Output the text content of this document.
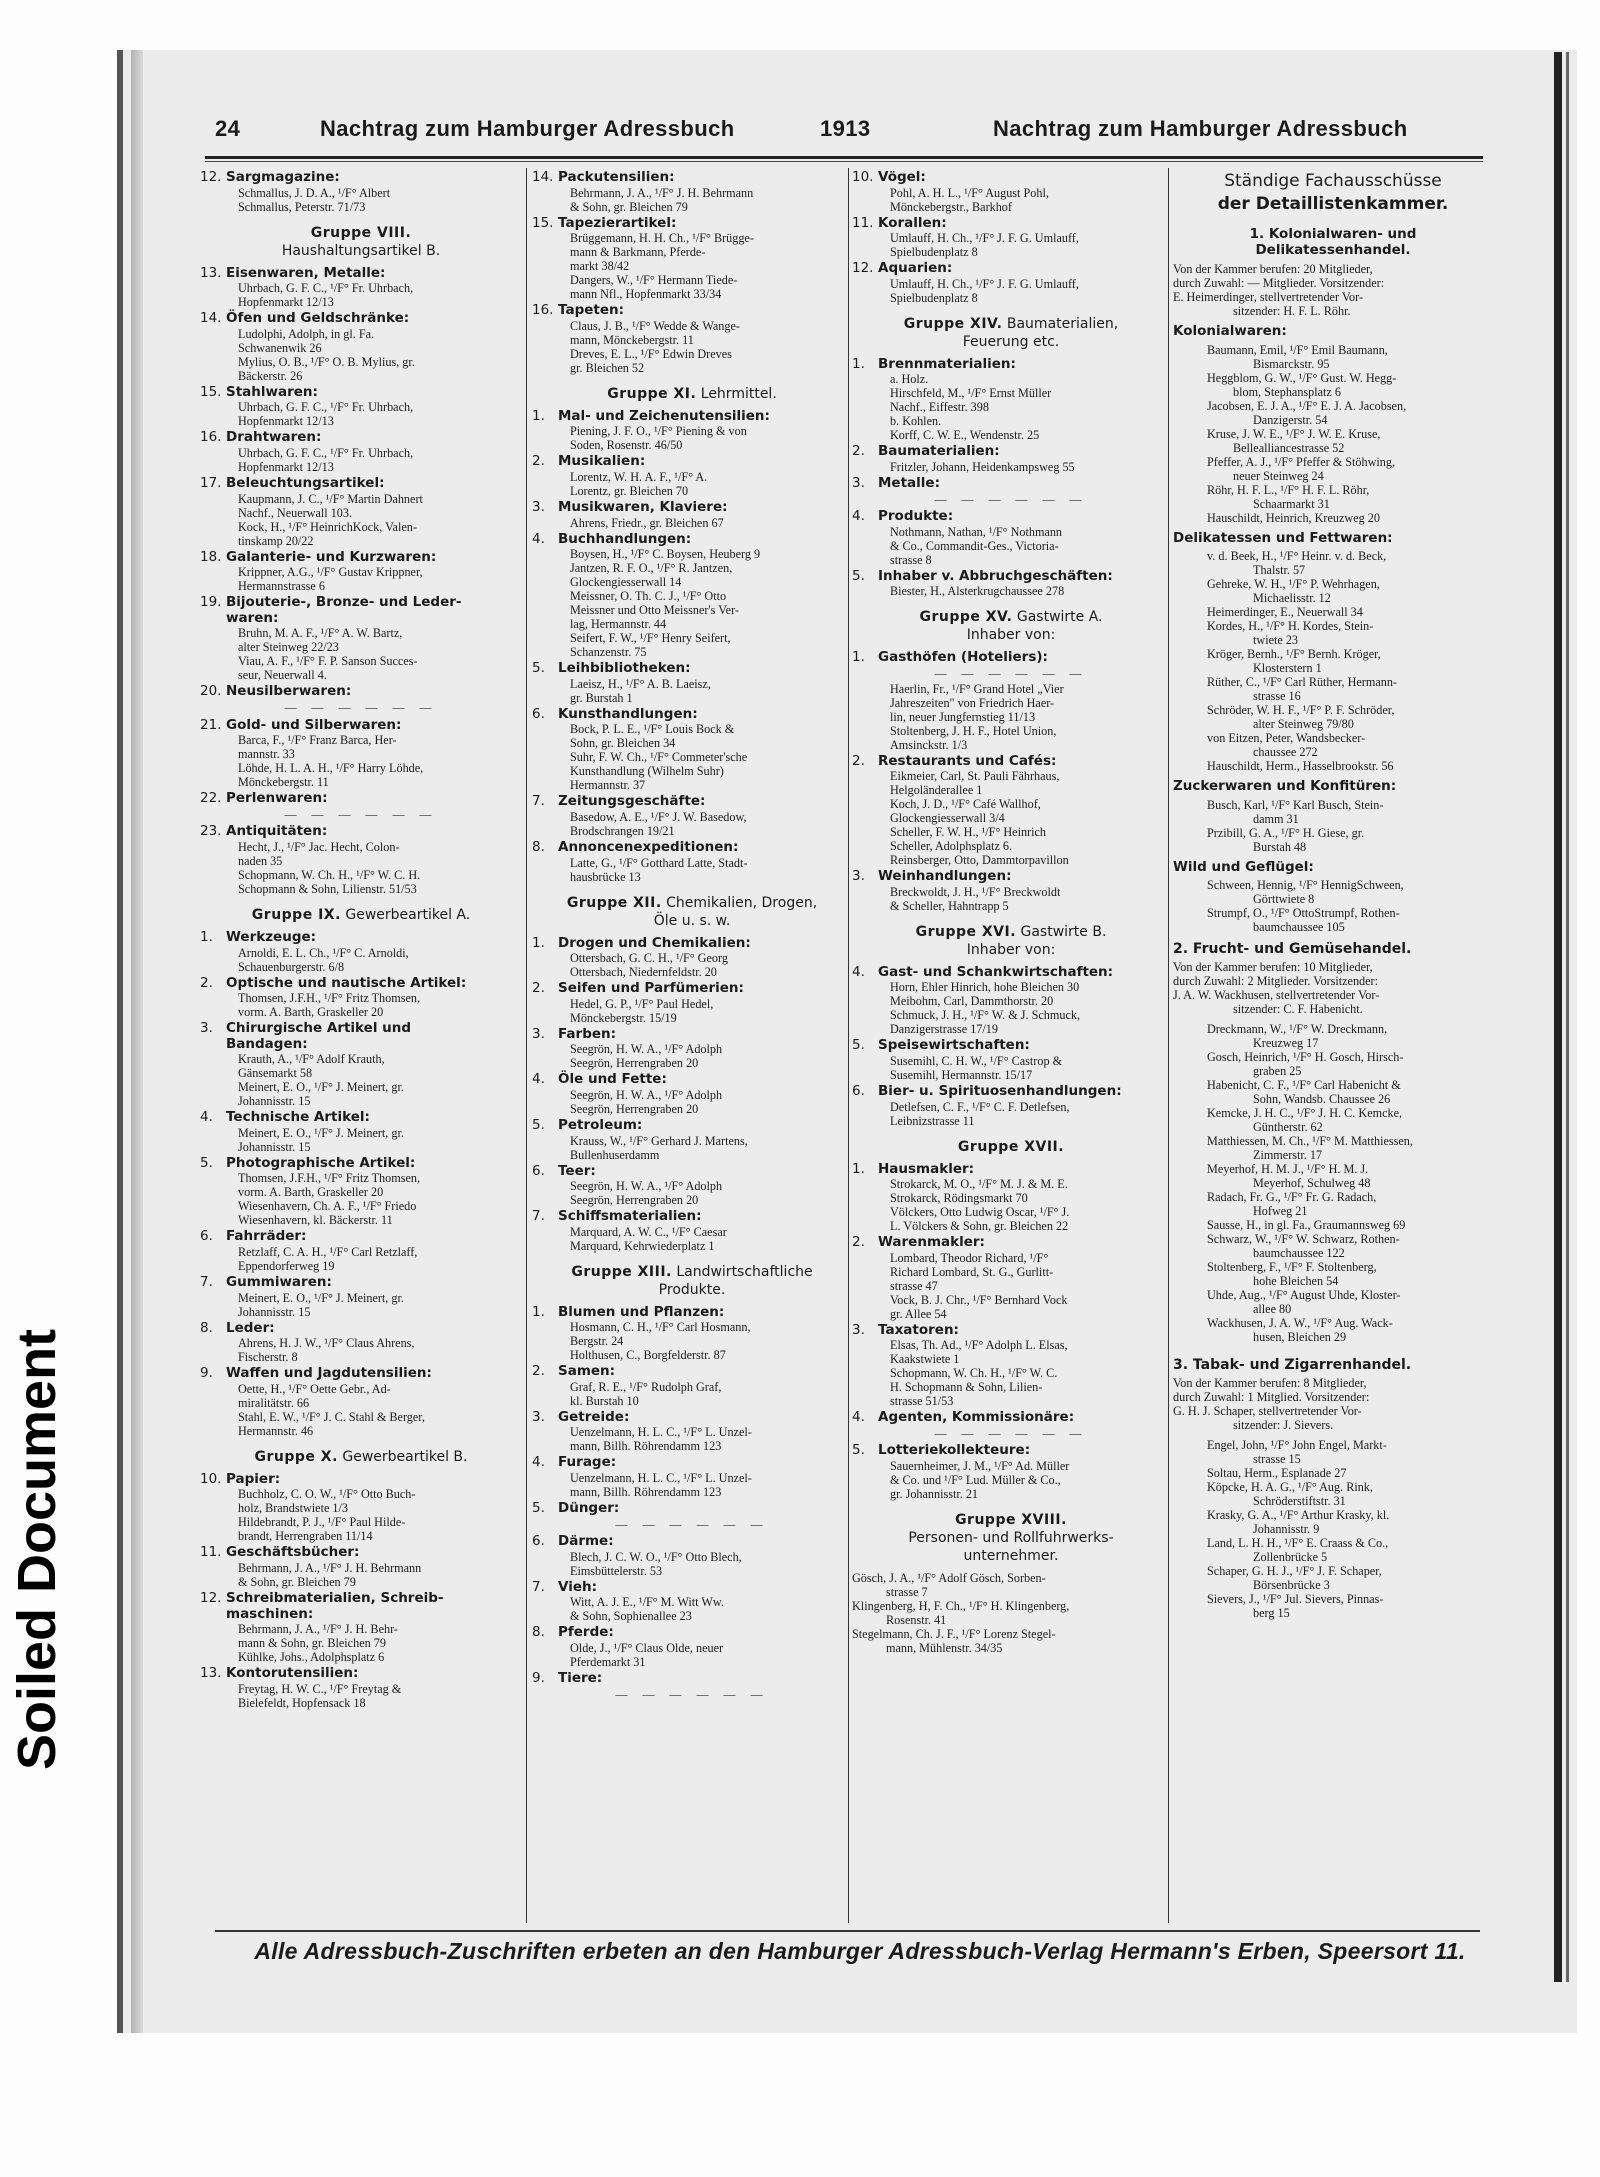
24	Nachtrag zum Hamburger Adressbuch	1913	Nachtrag zum Hamburger Adressbuch
12. Sargmagazine:
Schmallus, J. D. A., ¹/F° Albert
Schmallus, Peterstr. 71/73
Gruppe VIII.
Haushaltungsartikel B.
13. Eisenwaren, Metalle:
Uhrbach, G. F. C., ¹/F° Fr. Uhrbach,
Hopfenmarkt 12/13
14. Öfen und Geldschränke:
Ludolphi, Adolph, in gl. Fa.
Schwanenwik 26
Mylius, O. B., ¹/F° O. B. Mylius, gr.
Bäckerstr. 26
15. Stahlwaren:
Uhrbach, G. F. C., ¹/F° Fr. Uhrbach,
Hopfenmarkt 12/13
16. Drahtwaren:
Uhrbach, G. F. C., ¹/F° Fr. Uhrbach,
Hopfenmarkt 12/13
17. Beleuchtungsartikel:
Kaupmann, J. C., ¹/F° Martin Dahnert
Nachf., Neuerwall 103.
Kock, H., ¹/F° HeinrichKock, Valen-
tinskamp 20/22
18. Galanterie- und Kurzwaren:
Krippner, A.G., ¹/F° Gustav Krippner,
Hermannstrasse 6
19. Bijouterie-, Bronze- und Leder-
waren:
Bruhn, M. A. F., ¹/F° A. W. Bartz,
alter Steinweg 22/23
Viau, A. F., ¹/F° F. P. Sanson Succes-
seur, Neuerwall 4.
20. Neusilberwaren:
— — — — — —
21. Gold- und Silberwaren:
Barca, F., ¹/F° Franz Barca, Her-
mannstr. 33
Löhde, H. L. A. H., ¹/F° Harry Löhde,
Mönckebergstr. 11
22. Perlenwaren:
— — — — — —
23. Antiquitäten:
Hecht, J., ¹/F° Jac. Hecht, Colon-
naden 35
Schopmann, W. Ch. H., ¹/F° W. C. H.
Schopmann & Sohn, Lilienstr. 51/53
Gruppe IX. Gewerbeartikel A.
1. Werkzeuge:
Arnoldi, E. L. Ch., ¹/F° C. Arnoldi,
Schauenburgerstr. 6/8
2. Optische und nautische Artikel:
Thomsen, J.F.H., ¹/F° Fritz Thomsen,
vorm. A. Barth, Graskeller 20
3. Chirurgische Artikel und
Bandagen:
Krauth, A., ¹/F° Adolf Krauth,
Gänsemarkt 58
Meinert, E. O., ¹/F° J. Meinert, gr.
Johannisstr. 15
4. Technische Artikel:
Meinert, E. O., ¹/F° J. Meinert, gr.
Johannisstr. 15
5. Photographische Artikel:
Thomsen, J.F.H., ¹/F° Fritz Thomsen,
vorm. A. Barth, Graskeller 20
Wiesenhavern, Ch. A. F., ¹/F° Friedo
Wiesenhavern, kl. Bäckerstr. 11
6. Fahrräder:
Retzlaff, C. A. H., ¹/F° Carl Retzlaff,
Eppendorferweg 19
7. Gummiwaren:
Meinert, E. O., ¹/F° J. Meinert, gr.
Johannisstr. 15
8. Leder:
Ahrens, H. J. W., ¹/F° Claus Ahrens,
Fischerstr. 8
9. Waffen und Jagdutensilien:
Oette, H., ¹/F° Oette Gebr., Ad-
miralitätstr. 66
Stahl, E. W., ¹/F° J. C. Stahl & Berger,
Hermannstr. 46
Gruppe X. Gewerbeartikel B.
10. Papier:
Buchholz, C. O. W., ¹/F° Otto Buch-
holz, Brandstwiete 1/3
Hildebrandt, P. J., ¹/F° Paul Hilde-
brandt, Herrengraben 11/14
11. Geschäftsbücher:
Behrmann, J. A., ¹/F° J. H. Behrmann
& Sohn, gr. Bleichen 79
12. Schreibmaterialien, Schreib-
maschinen:
Behrmann, J. A., ¹/F° J. H. Behr-
mann & Sohn, gr. Bleichen 79
Kühlke, Johs., Adolphsplatz 6
13. Kontorutensilien:
Freytag, H. W. C., ¹/F° Freytag &
Bielefeldt, Hopfensack 18
14. Packutensilien:
Behrmann, J. A., ¹/F° J. H. Behrmann
& Sohn, gr. Bleichen 79
15. Tapezierartikel:
Brüggemann, H. H. Ch., ¹/F° Brügge-
mann & Barkmann, Pferde-
markt 38/42
Dangers, W., ¹/F° Hermann Tiede-
mann Nfl., Hopfenmarkt 33/34
16. Tapeten:
Claus, J. B., ¹/F° Wedde & Wange-
mann, Mönckebergstr. 11
Dreves, E. L., ¹/F° Edwin Dreves
gr. Bleichen 52
Gruppe XI. Lehrmittel.
1. Mal- und Zeichenutensilien:
Piening, J. F. O., ¹/F° Piening & von
Soden, Rosenstr. 46/50
2. Musikalien:
Lorentz, W. H. A. F., ¹/F° A.
Lorentz, gr. Bleichen 70
3. Musikwaren, Klaviere:
Ahrens, Friedr., gr. Bleichen 67
4. Buchhandlungen:
Boysen, H., ¹/F° C. Boysen, Heuberg 9
Jantzen, R. F. O., ¹/F° R. Jantzen,
Glockengiesserwall 14
Meissner, O. Th. C. J., ¹/F° Otto
Meissner und Otto Meissner's Ver-
lag, Hermannstr. 44
Seifert, F. W., ¹/F° Henry Seifert,
Schanzenstr. 75
5. Leihbibliotheken:
Laeisz, H., ¹/F° A. B. Laeisz,
gr. Burstah 1
6. Kunsthandlungen:
Bock, P. L. E., ¹/F° Louis Bock &
Sohn, gr. Bleichen 34
Suhr, F. W. Ch., ¹/F° Commeter'sche
Kunsthandlung (Wilhelm Suhr)
Hermannstr. 37
7. Zeitungsgeschäfte:
Basedow, A. E., ¹/F° J. W. Basedow,
Brodschrangen 19/21
8. Annoncenexpeditionen:
Latte, G., ¹/F° Gotthard Latte, Stadt-
hausbrücke 13
Gruppe XII. Chemikalien, Drogen,
Öle u. s. w.
1. Drogen und Chemikalien:
Ottersbach, G. C. H., ¹/F° Georg
Ottersbach, Niedernfeldstr. 20
2. Seifen und Parfümerien:
Hedel, G. P., ¹/F° Paul Hedel,
Mönckebergstr. 15/19
3. Farben:
Seegrön, H. W. A., ¹/F° Adolph
Seegrön, Herrengraben 20
4. Öle und Fette:
Seegrön, H. W. A., ¹/F° Adolph
Seegrön, Herrengraben 20
5. Petroleum:
Krauss, W., ¹/F° Gerhard J. Martens,
Bullenhuserdamm
6. Teer:
Seegrön, H. W. A., ¹/F° Adolph
Seegrön, Herrengraben 20
7. Schiffsmaterialien:
Marquard, A. W. C., ¹/F° Caesar
Marquard, Kehrwiederplatz 1
Gruppe XIII. Landwirtschaftliche
Produkte.
1. Blumen und Pflanzen:
Hosmann, C. H., ¹/F° Carl Hosmann,
Bergstr. 24
Holthusen, C., Borgfelderstr. 87
2. Samen:
Graf, R. E., ¹/F° Rudolph Graf,
kl. Burstah 10
3. Getreide:
Uenzelmann, H. L. C., ¹/F° L. Unzel-
mann, Billh. Röhrendamm 123
4. Furage:
Uenzelmann, H. L. C., ¹/F° L. Unzel-
mann, Billh. Röhrendamm 123
5. Dünger:
— — — — — —
6. Därme:
Blech, J. C. W. O., ¹/F° Otto Blech,
Eimsbüttelerstr. 53
7. Vieh:
Witt, A. J. E., ¹/F° M. Witt Ww.
& Sohn, Sophienallee 23
8. Pferde:
Olde, J., ¹/F° Claus Olde, neuer
Pferdemarkt 31
9. Tiere:
— — — — — —
10. Vögel:
Pohl, A. H. L., ¹/F° August Pohl,
Mönckebergstr., Barkhof
11. Korallen:
Umlauff, H. Ch., ¹/F° J. F. G. Umlauff,
Spielbudenplatz 8
12. Aquarien:
Umlauff, H. Ch., ¹/F° J. F. G. Umlauff,
Spielbudenplatz 8
Gruppe XIV. Baumaterialien,
Feuerung etc.
1. Brennmaterialien:
a. Holz.
Hirschfeld, M., ¹/F° Ernst Müller
Nachf., Eiffestr. 398
b. Kohlen.
Korff, C. W. E., Wendenstr. 25
2. Baumaterialien:
Fritzler, Johann, Heidenkampsweg 55
3. Metalle:
— — — — — —
4. Produkte:
Nothmann, Nathan, ¹/F° Nothmann
& Co., Commandit-Ges., Victoria-
strasse 8
5. Inhaber v. Abbruchgeschäften:
Biester, H., Alsterkrugchaussee 278
Gruppe XV. Gastwirte A.
Inhaber von:
1. Gasthöfen (Hoteliers):
— — — — — —
Haerlin, Fr., ¹/F° Grand Hotel „Vier
Jahreszeiten" von Friedrich Haer-
lin, neuer Jungfernstieg 11/13
Stoltenberg, J. H. F., Hotel Union,
Amsinckstr. 1/3
2. Restaurants und Cafés:
Eikmeier, Carl, St. Pauli Fährhaus,
Helgoländerallee 1
Koch, J. D., ¹/F° Café Wallhof,
Glockengiesserwall 3/4
Scheller, F. W. H., ¹/F° Heinrich
Scheller, Adolphsplatz 6.
Reinsberger, Otto, Dammtorpavillon
3. Weinhandlungen:
Breckwoldt, J. H., ¹/F° Breckwoldt
& Scheller, Hahntrapp 5
Gruppe XVI. Gastwirte B.
Inhaber von:
4. Gast- und Schankwirtschaften:
Horn, Ehler Hinrich, hohe Bleichen 30
Meibohm, Carl, Dammthorstr. 20
Schmuck, J. H., ¹/F° W. & J. Schmuck,
Danzigerstrasse 17/19
5. Speisewirtschaften:
Susemihl, C. H. W., ¹/F° Castrop &
Susemihl, Hermannstr. 15/17
6. Bier- u. Spirituosenhandlungen:
Detlefsen, C. F., ¹/F° C. F. Detlefsen,
Leibnizstrasse 11
Gruppe XVII.
1. Hausmakler:
Strokarck, M. O., ¹/F° M. J. & M. E.
Strokarck, Rödingsmarkt 70
Völckers, Otto Ludwig Oscar, ¹/F° J.
L. Völckers & Sohn, gr. Bleichen 22
2. Warenmakler:
Lombard, Theodor Richard, ¹/F°
Richard Lombard, St. G., Gurlitt-
strasse 47
Vock, B. J. Chr., ¹/F° Bernhard Vock
gr. Allee 54
3. Taxatoren:
Elsas, Th. Ad., ¹/F° Adolph L. Elsas,
Kaakstwiete 1
Schopmann, W. Ch. H., ¹/F° W. C.
H. Schopmann & Sohn, Lilien-
strasse 51/53
4. Agenten, Kommissionäre:
— — — — — —
5. Lotteriekollekteure:
Sauernheimer, J. M., ¹/F° Ad. Müller
& Co. und ¹/F° Lud. Müller & Co.,
gr. Johannisstr. 21
Gruppe XVIII.
Personen- und Rollfuhrwerks-
unternehmer.
Gösch, J. A., ¹/F° Adolf Gösch, Sorben-
strasse 7
Klingenberg, H, F. Ch., ¹/F° H. Klingenberg,
Rosenstr. 41
Stegelmann, Ch. J. F., ¹/F° Lorenz Stegel-
mann, Mühlenstr. 34/35
Ständige Fachausschüsse
der Detaillistenkammer.
1. Kolonialwaren- und
Delikatessenhandel.
Von der Kammer berufen: 20 Mitglieder,
durch Zuwahl: — Mitglieder. Vorsitzender:
E. Heimerdinger, stellvertretender Vor-
sitzender: H. F. L. Röhr.
Kolonialwaren:
Baumann, Emil, ¹/F° Emil Baumann,
Bismarckstr. 95
Heggblom, G. W., ¹/F° Gust. W. Hegg-
blom, Stephansplatz 6
Jacobsen, E. J. A., ¹/F° E. J. A. Jacobsen,
Danzigerstr. 54
Kruse, J. W. E., ¹/F° J. W. E. Kruse,
Bellealliancestrasse 52
Pfeffer, A. J., ¹/F° Pfeffer & Stöhwing,
neuer Steinweg 24
Röhr, H. F. L., ¹/F° H. F. L. Röhr,
Schaarmarkt 31
Hauschildt, Heinrich, Kreuzweg 20
Delikatessen und Fettwaren:
v. d. Beek, H., ¹/F° Heinr. v. d. Beck,
Thalstr. 57
Gehreke, W. H., ¹/F° P. Wehrhagen,
Michaelisstr. 12
Heimerdinger, E., Neuerwall 34
Kordes, H., ¹/F° H. Kordes, Stein-
twiete 23
Kröger, Bernh., ¹/F° Bernh. Kröger,
Klosterstern 1
Rüther, C., ¹/F° Carl Rüther, Hermann-
strasse 16
Schröder, W. H. F., ¹/F° P. F. Schröder,
alter Steinweg 79/80
von Eitzen, Peter, Wandsbecker-
chaussee 272
Hauschildt, Herm., Hasselbrookstr. 56
Zuckerwaren und Konfitüren:
Busch, Karl, ¹/F° Karl Busch, Stein-
damm 31
Przibill, G. A., ¹/F° H. Giese, gr.
Burstah 48
Wild und Geflügel:
Schween, Hennig, ¹/F° HennigSchween,
Görttwiete 8
Strumpf, O., ¹/F° OttoStrumpf, Rothen-
baumchaussee 105
2. Frucht- und Gemüsehandel.
Von der Kammer berufen: 10 Mitglieder,
durch Zuwahl: 2 Mitglieder. Vorsitzender:
J. A. W. Wackhusen, stellvertretender Vor-
sitzender: C. F. Habenicht.
Dreckmann, W., ¹/F° W. Dreckmann,
Kreuzweg 17
Gosch, Heinrich, ¹/F° H. Gosch, Hirsch-
graben 25
Habenicht, C. F., ¹/F° Carl Habenicht &
Sohn, Wandsb. Chaussee 26
Kemcke, J. H. C., ¹/F° J. H. C. Kemcke,
Güntherstr. 62
Matthiessen, M. Ch., ¹/F° M. Matthiessen,
Zimmerstr. 17
Meyerhof, H. M. J., ¹/F° H. M. J.
Meyerhof, Schulweg 48
Radach, Fr. G., ¹/F° Fr. G. Radach,
Hofweg 21
Sausse, H., in gl. Fa., Graumannsweg 69
Schwarz, W., ¹/F° W. Schwarz, Rothen-
baumchaussee 122
Stoltenberg, F., ¹/F° F. Stoltenberg,
hohe Bleichen 54
Uhde, Aug., ¹/F° August Uhde, Kloster-
allee 80
Wackhusen, J. A. W., ¹/F° Aug. Wack-
husen, Bleichen 29
3. Tabak- und Zigarrenhandel.
Von der Kammer berufen: 8 Mitglieder,
durch Zuwahl: 1 Mitglied. Vorsitzender:
G. H. J. Schaper, stellvertretender Vor-
sitzender: J. Sievers.
Engel, John, ¹/F° John Engel, Markt-
strasse 15
Soltau, Herm., Esplanade 27
Köpcke, H. A. G., ¹/F° Aug. Rink,
Schröderstiftstr. 31
Krasky, G. A., ¹/F° Arthur Krasky, kl.
Johannisstr. 9
Land, L. H. H., ¹/F° E. Craass & Co.,
Zollenbrücke 5
Schaper, G. H. J., ¹/F° J. F. Schaper,
Börsenbrücke 3
Sievers, J., ¹/F° Jul. Sievers, Pinnas-
berg 15
Alle Adressbuch-Zuschriften erbeten an den Hamburger Adressbuch-Verlag Hermann's Erben, Speersort 11.
